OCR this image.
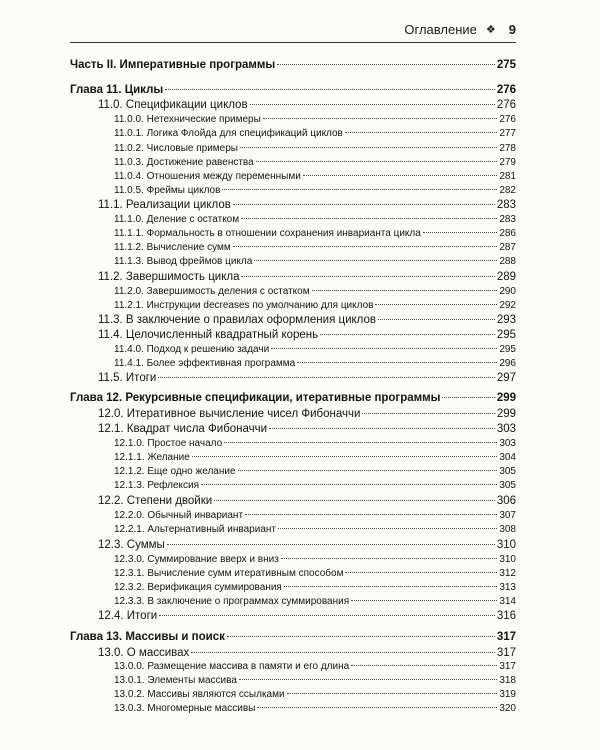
Оглавление ❖ 9
Часть II. Императивные программы	275
Глава 11. Циклы	276
11.0. Спецификации циклов	276
11.0.0. Нетехнические примеры	276
11.0.1. Логика Флойда для спецификаций циклов	277
11.0.2. Числовые примеры	278
11.0.3. Достижение равенства	279
11.0.4. Отношения между переменными	281
11.0.5. Фреймы циклов	282
11.1. Реализации циклов	283
11.1.0. Деление с остатком	283
11.1.1. Формальность в отношении сохранения инварианта цикла	286
11.1.2. Вычисление сумм	287
11.1.3. Вывод фреймов цикла	288
11.2. Завершимость цикла	289
11.2.0. Завершимость деления с остатком	290
11.2.1. Инструкции decreases по умолчанию для циклов	292
11.3. В заключение о правилах оформления циклов	293
11.4. Целочисленный квадратный корень	295
11.4.0. Подход к решению задачи	295
11.4.1. Более эффективная программа	296
11.5. Итоги	297
Глава 12. Рекурсивные спецификации, итеративные программы	299
12.0. Итеративное вычисление чисел Фибоначчи	299
12.1. Квадрат числа Фибоначчи	303
12.1.0. Простое начало	303
12.1.1. Желание	304
12.1.2. Еще одно желание	305
12.1.3. Рефлексия	305
12.2. Степени двойки	306
12.2.0. Обычный инвариант	307
12.2.1. Альтернативный инвариант	308
12.3. Суммы	310
12.3.0. Суммирование вверх и вниз	310
12.3.1. Вычисление сумм итеративным способом	312
12.3.2. Верификация суммирования	313
12.3.3. В заключение о программах суммирования	314
12.4. Итоги	316
Глава 13. Массивы и поиск	317
13.0. О массивах	317
13.0.0. Размещение массива в памяти и его длина	317
13.0.1. Элементы массива	318
13.0.2. Массивы являются ссылками	319
13.0.3. Многомерные массивы	320
